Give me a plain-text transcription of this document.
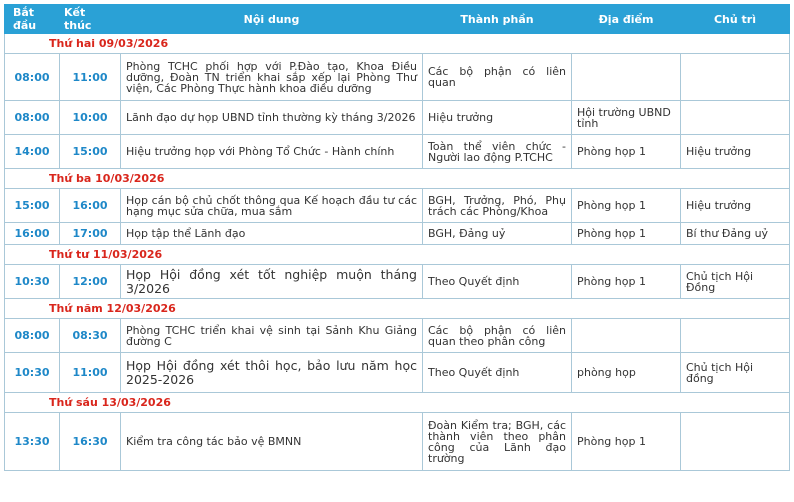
Bắt đầu	Kết thúc	Nội dung	Thành phần	Địa điểm	Chủ trì
Thứ hai 09/03/2026					
08:00	11:00	Phòng TCHC phối hợp với P.Đào tạo, Khoa Điều dưỡng, Đoàn TN triển khai sắp xếp lại Phòng Thư viện, Các Phòng Thực hành khoa điều dưỡng	Các bộ phận có liên quan		
08:00	10:00	Lãnh đạo dự họp UBND tỉnh thường kỳ tháng 3/2026	Hiệu trưởng	Hội trường UBND tỉnh	
14:00	15:00	Hiệu trưởng họp với Phòng Tổ Chức - Hành chính	Toàn thể viên chức - Người lao động P.TCHC	Phòng họp 1	Hiệu trưởng
Thứ ba 10/03/2026					
15:00	16:00	Họp cán bộ chủ chốt thông qua Kế hoạch đầu tư các hạng mục sửa chữa, mua sắm	BGH, Trưởng, Phó, Phụ trách các Phòng/Khoa	Phòng họp 1	Hiệu trưởng
16:00	17:00	Họp tập thể Lãnh đạo	BGH, Đảng uỷ	Phòng họp 1	Bí thư Đảng uỷ
Thứ tư 11/03/2026					
10:30	12:00	Họp Hội đồng xét tốt nghiệp muộn tháng 3/2026	Theo Quyết định	Phòng họp 1	Chủ tịch Hội Đồng
Thứ năm 12/03/2026					
08:00	08:30	Phòng TCHC triển khai vệ sinh tại Sảnh Khu Giảng đường C	Các bộ phận có liên quan theo phân công		
10:30	11:00	Họp Hội đồng xét thôi học, bảo lưu năm học 2025-2026	Theo Quyết định	phòng họp	Chủ tịch Hội đồng
Thứ sáu 13/03/2026					
13:30	16:30	Kiểm tra công tác bảo vệ BMNN	Đoàn Kiểm tra; BGH, các thành viên theo phân công của Lãnh đạo trường	Phòng họp 1	
